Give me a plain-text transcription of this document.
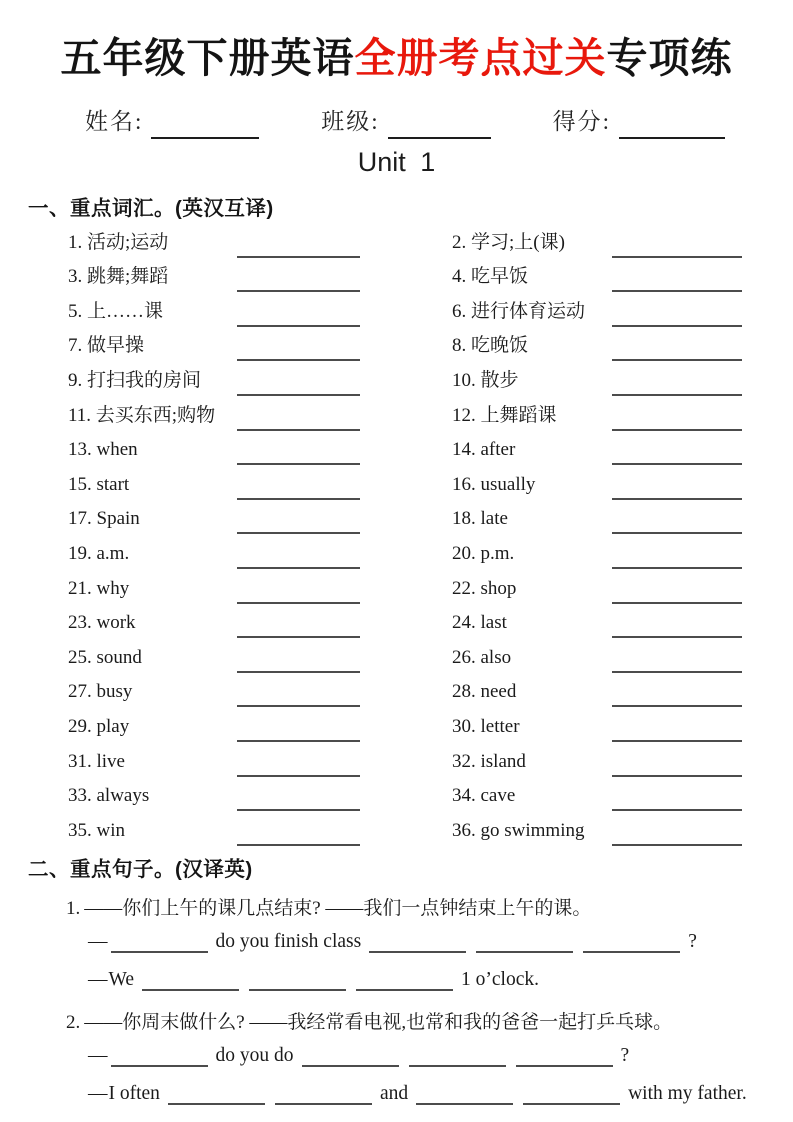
五年级下册英语全册考点过关专项练
姓名:	班级:	得分:
Unit 1
一、重点词汇。(英汉互译)
1. 活动;运动	2. 学习;上(课)
3. 跳舞;舞蹈	4. 吃早饭
5. 上……课	6. 进行体育运动
7. 做早操	8. 吃晚饭
9. 打扫我的房间	10. 散步
11. 去买东西;购物	12. 上舞蹈课
13. when	14. after
15. start	16. usually
17. Spain	18. late
19. a.m.	20. p.m.
21. why	22. shop
23. work	24. last
25. sound	26. also
27. busy	28. need
29. play	30. letter
31. live	32. island
33. always	34. cave
35. win	36. go swimming
二、重点句子。(汉译英)
1. ——你们上午的课几点结束? ——我们一点钟结束上午的课。
—	do you finish class	?
— We	1 o’clock.
2. ——你周末做什么? ——我经常看电视,也常和我的爸爸一起打乒乓球。
—	do you do	?
— I often	and	with my father.
